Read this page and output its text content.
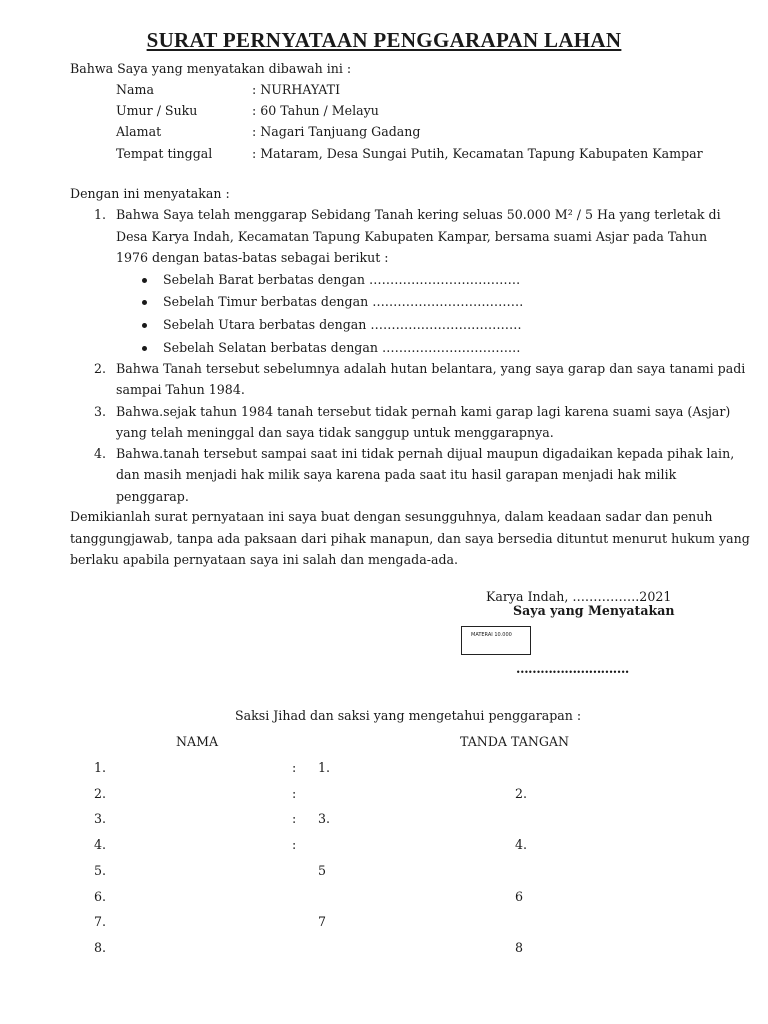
SURAT PERNYATAAN PENGGARAPAN LAHAN
Bahwa Saya yang menyatakan dibawah ini :
Nama	: NURHAYATI
Umur / Suku	: 60 Tahun / Melayu
Alamat	: Nagari Tanjuang Gadang
Tempat tinggal	: Mataram, Desa Sungai Putih, Kecamatan Tapung Kabupaten Kampar
Dengan ini menyatakan :
1. Bahwa Saya telah menggarap Sebidang Tanah kering seluas 50.000 M² / 5 Ha yang terletak di
Desa Karya Indah, Kecamatan Tapung Kabupaten Kampar, bersama suami Asjar pada Tahun
1976 dengan batas-batas sebagai berikut :
Sebelah Barat berbatas dengan ………………………………
Sebelah Timur berbatas dengan ………………………………
Sebelah Utara berbatas dengan ………………………………
Sebelah Selatan berbatas dengan ……………………………
2. Bahwa Tanah tersebut sebelumnya adalah hutan belantara, yang saya garap dan saya tanami padi
sampai Tahun 1984.
3. Bahwa.sejak tahun 1984 tanah tersebut tidak pernah kami garap lagi karena suami saya (Asjar)
yang telah meninggal dan saya tidak sanggup untuk menggarapnya.
4. Bahwa.tanah tersebut sampai saat ini tidak pernah dijual maupun digadaikan kepada pihak lain,
dan masih menjadi hak milik saya karena pada saat itu hasil garapan menjadi hak milik
penggarap.
Demikianlah surat pernyataan ini saya buat dengan sesungguhnya, dalam keadaan sadar dan penuh
tanggungjawab, tanpa ada paksaan dari pihak manapun, dan saya bersedia dituntut menurut hukum yang
berlaku apabila pernyataan saya ini salah dan mengada-ada.
Karya Indah, …………….2021
Saya yang Menyatakan
MATERAI 10.000
……………………….
Saksi Jihad dan saksi yang mengetahui penggarapan :
NAMA	TANDA TANGAN
1.	: 1.
2.	:	2.
3.	: 3.
4.	:	4.
5.	5
6.	6
7.	7
8.	8
